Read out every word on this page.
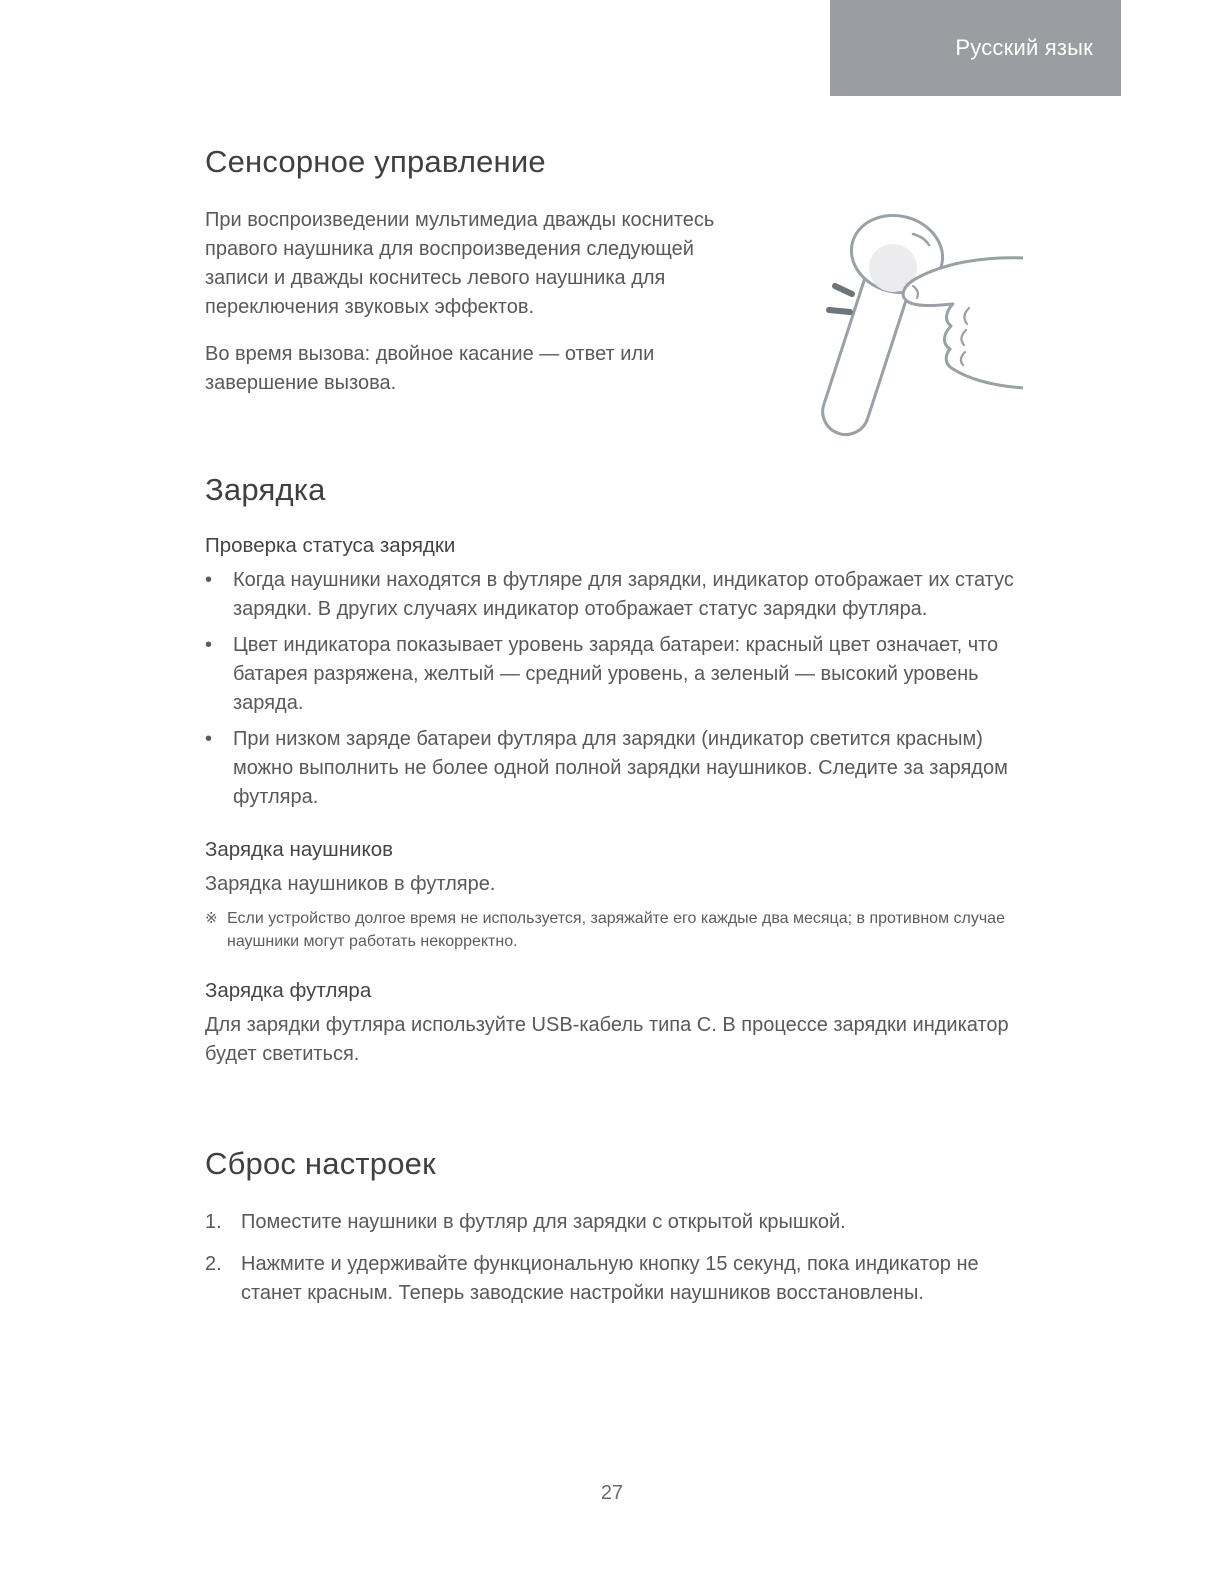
Русский язык
Сенсорное управление

При воспроизведении мультимедиа дважды коснитесь правого наушника для воспроизведения следующей записи и дважды коснитесь левого наушника для переключения звуковых эффектов.

Во время вызова: двойное касание — ответ или завершение вызова.

Зарядка
Проверка статуса зарядки
•	Когда наушники находятся в футляре для зарядки, индикатор отображает их статус зарядки. В других случаях индикатор отображает статус зарядки футляра.
•	Цвет индикатора показывает уровень заряда батареи: красный цвет означает, что батарея разряжена, желтый — средний уровень, а зеленый — высокий уровень заряда.
•	При низком заряде батареи футляра для зарядки (индикатор светится красным) можно выполнить не более одной полной зарядки наушников. Следите за зарядом футляра.
Зарядка наушников

Зарядка наушников в футляре.

※ Если устройство долгое время не используется, заряжайте его каждые два месяца; в противном случае наушники могут работать некорректно.
Зарядка футляра

Для зарядки футляра используйте USB-кабель типа C. В процессе зарядки индикатор будет светиться.

Сброс настроек
1. Поместите наушники в футляр для зарядки с открытой крышкой.
2. Нажмите и удерживайте функциональную кнопку 15 секунд, пока индикатор не станет красным. Теперь заводские настройки наушников восстановлены.
27
